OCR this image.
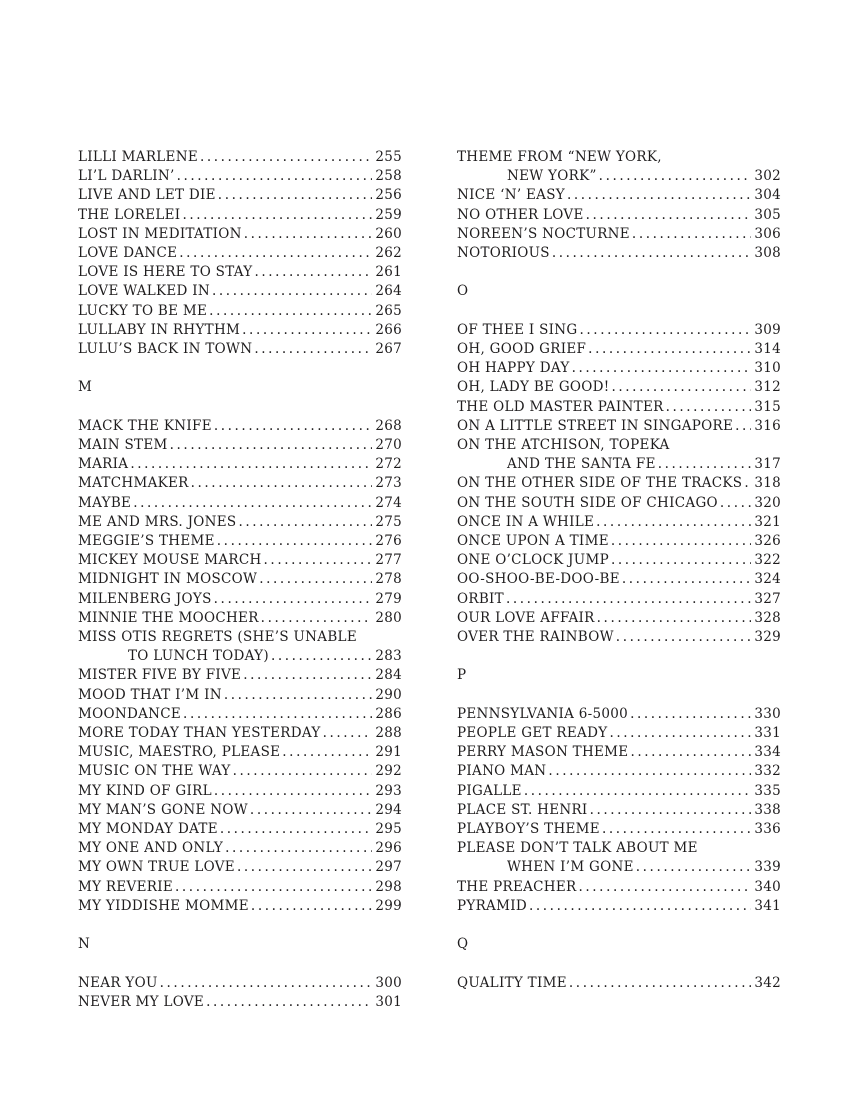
LILLI MARLENE .....	255
LI’L DARLIN’ .....	258
LIVE AND LET DIE .....	256
THE LORELEI .....	259
LOST IN MEDITATION .....	260
LOVE DANCE .....	262
LOVE IS HERE TO STAY .....	261
LOVE WALKED IN .....	264
LUCKY TO BE ME .....	265
LULLABY IN RHYTHM .....	266
LULU’S BACK IN TOWN .....	267
M
MACK THE KNIFE .....	268
MAIN STEM .....	270
MARIA .....	272
MATCHMAKER .....	273
MAYBE .....	274
ME AND MRS. JONES .....	275
MEGGIE’S THEME .....	276
MICKEY MOUSE MARCH .....	277
MIDNIGHT IN MOSCOW .....	278
MILENBERG JOYS .....	279
MINNIE THE MOOCHER .....	280
MISS OTIS REGRETS (SHE’S UNABLE
TO LUNCH TODAY) .....	283
MISTER FIVE BY FIVE .....	284
MOOD THAT I’M IN .....	290
MOONDANCE .....	286
MORE TODAY THAN YESTERDAY .....	288
MUSIC, MAESTRO, PLEASE .....	291
MUSIC ON THE WAY .....	292
MY KIND OF GIRL .....	293
MY MAN’S GONE NOW .....	294
MY MONDAY DATE .....	295
MY ONE AND ONLY .....	296
MY OWN TRUE LOVE .....	297
MY REVERIE .....	298
MY YIDDISHE MOMME .....	299
N
NEAR YOU .....	300
NEVER MY LOVE .....	301
THEME FROM “NEW YORK,
NEW YORK” .....	302
NICE ‘N’ EASY .....	304
NO OTHER LOVE .....	305
NOREEN’S NOCTURNE .....	306
NOTORIOUS .....	308
O
OF THEE I SING .....	309
OH, GOOD GRIEF .....	314
OH HAPPY DAY .....	310
OH, LADY BE GOOD! .....	312
THE OLD MASTER PAINTER .....	315
ON A LITTLE STREET IN SINGAPORE ..... 316
ON THE ATCHISON, TOPEKA
AND THE SANTA FE .....	317
ON THE OTHER SIDE OF THE TRACKS ..... 318
ON THE SOUTH SIDE OF CHICAGO .....	320
ONCE IN A WHILE .....	321
ONCE UPON A TIME .....	326
ONE O’CLOCK JUMP .....	322
OO-SHOO-BE-DOO-BE .....	324
ORBIT .....	327
OUR LOVE AFFAIR .....	328
OVER THE RAINBOW .....	329
P
PENNSYLVANIA 6-5000 .....	330
PEOPLE GET READY .....	331
PERRY MASON THEME .....	334
PIANO MAN .....	332
PIGALLE .....	335
PLACE ST. HENRI .....	338
PLAYBOY’S THEME .....	336
PLEASE DON’T TALK ABOUT ME
WHEN I’M GONE .....	339
THE PREACHER .....	340
PYRAMID .....	341
Q
QUALITY TIME .....	342
